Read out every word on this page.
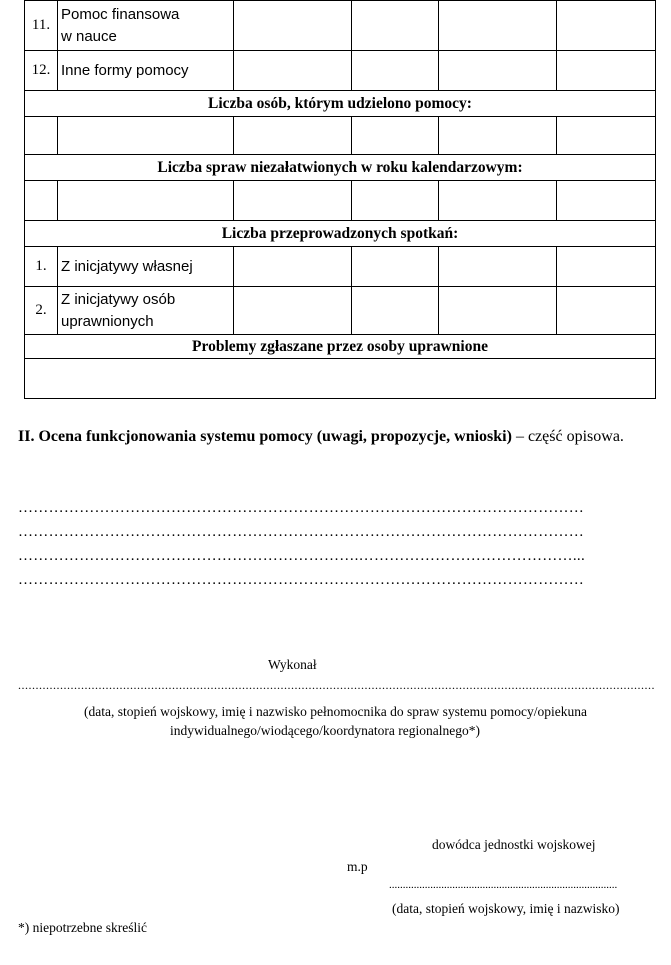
11.	Pomoc finansowa
w nauce				

12.	Inne formy pomocy				
Liczba osób, którym udzielono pomocy:					

Liczba spraw niezałatwionych w roku kalendarzowym:					

Liczba przeprowadzonych spotkań:					
1.	Z inicjatywy własnej				
2.	Z inicjatywy osób
uprawnionych				

Problemy zgłaszane przez osoby uprawnione					

II. Ocena funkcjonowania systemu pomocy (uwagi, propozycje, wnioski) – część opisowa.
…………………………………………………………………………………………………
…………………………………………………………………………………………………
………………………………………………………….……………………………………...
…………………………………………………………………………………………………
Wykonał
......................................................................................................................................................................................
(data, stopień wojskowy, imię i nazwisko pełnomocnika do spraw systemu pomocy/opiekuna
indywidualnego/wiodącego/koordynatora regionalnego*)
dowódca jednostki wojskowej
m.p
...................................................................................
(data, stopień wojskowy, imię i nazwisko)
*) niepotrzebne skreślić
